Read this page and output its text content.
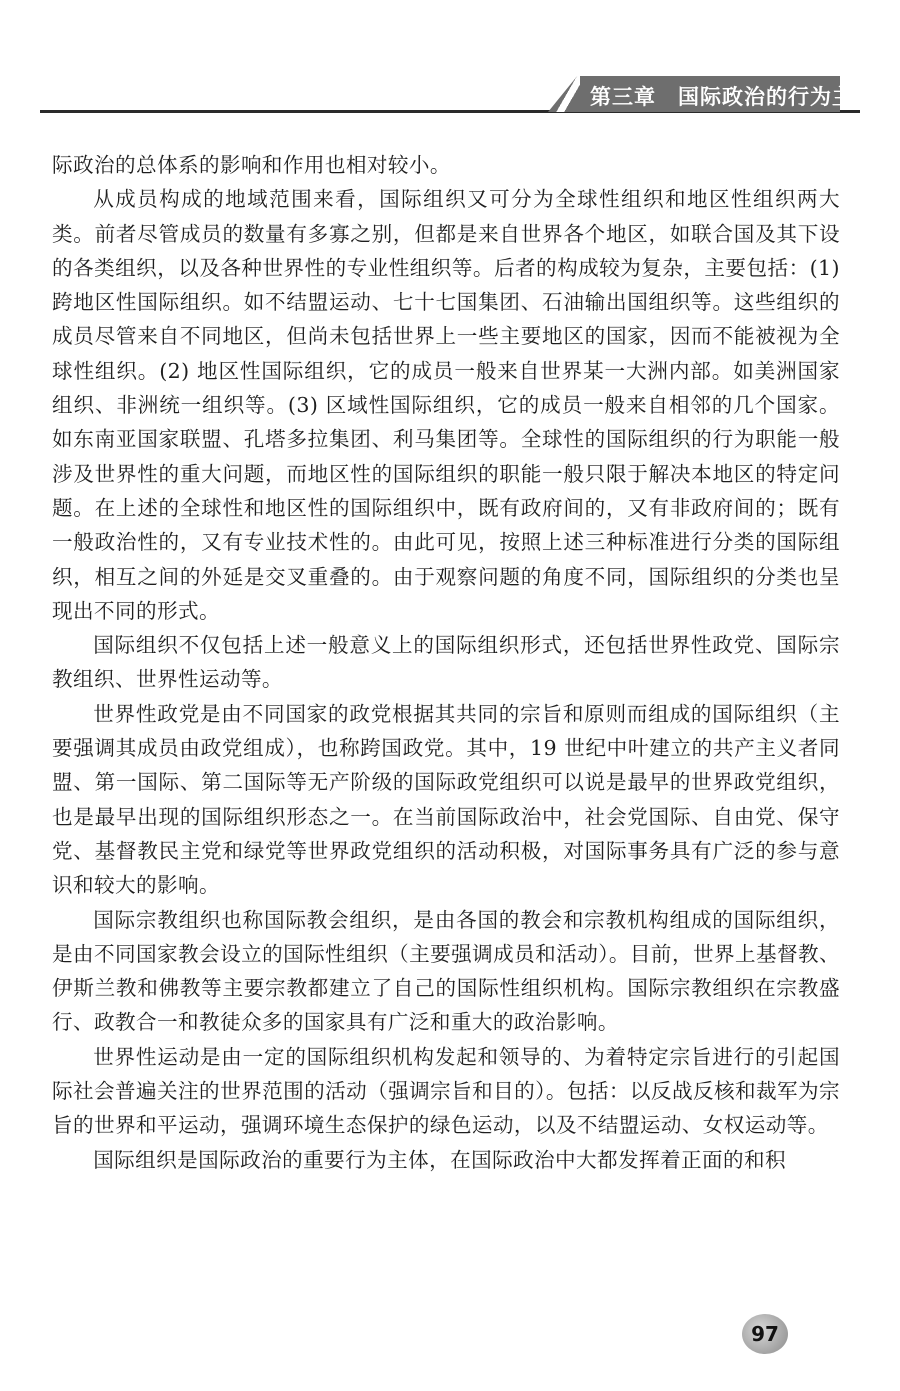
第三章　国际政治的行为主体

际政治的总体系的影响和作用也相对较小。

从成员构成的地域范围来看，国际组织又可分为全球性组织和地区性组织两大类。前者尽管成员的数量有多寡之别，但都是来自世界各个地区，如联合国及其下设的各类组织，以及各种世界性的专业性组织等。后者的构成较为复杂，主要包括：(1) 跨地区性国际组织。如不结盟运动、七十七国集团、石油输出国组织等。这些组织的成员尽管来自不同地区，但尚未包括世界上一些主要地区的国家，因而不能被视为全球性组织。(2) 地区性国际组织，它的成员一般来自世界某一大洲内部。如美洲国家组织、非洲统一组织等。(3) 区域性国际组织，它的成员一般来自相邻的几个国家。如东南亚国家联盟、孔塔多拉集团、利马集团等。全球性的国际组织的行为职能一般涉及世界性的重大问题，而地区性的国际组织的职能一般只限于解决本地区的特定问题。在上述的全球性和地区性的国际组织中，既有政府间的，又有非政府间的；既有一般政治性的，又有专业技术性的。由此可见，按照上述三种标准进行分类的国际组织，相互之间的外延是交叉重叠的。由于观察问题的角度不同，国际组织的分类也呈现出不同的形式。

国际组织不仅包括上述一般意义上的国际组织形式，还包括世界性政党、国际宗教组织、世界性运动等。

世界性政党是由不同国家的政党根据其共同的宗旨和原则而组成的国际组织（主要强调其成员由政党组成），也称跨国政党。其中，19 世纪中叶建立的共产主义者同盟、第一国际、第二国际等无产阶级的国际政党组织可以说是最早的世界政党组织，也是最早出现的国际组织形态之一。在当前国际政治中，社会党国际、自由党、保守党、基督教民主党和绿党等世界政党组织的活动积极，对国际事务具有广泛的参与意识和较大的影响。

国际宗教组织也称国际教会组织，是由各国的教会和宗教机构组成的国际组织，是由不同国家教会设立的国际性组织（主要强调成员和活动）。目前，世界上基督教、伊斯兰教和佛教等主要宗教都建立了自己的国际性组织机构。国际宗教组织在宗教盛行、政教合一和教徒众多的国家具有广泛和重大的政治影响。

世界性运动是由一定的国际组织机构发起和领导的、为着特定宗旨进行的引起国际社会普遍关注的世界范围的活动（强调宗旨和目的）。包括：以反战反核和裁军为宗旨的世界和平运动，强调环境生态保护的绿色运动，以及不结盟运动、女权运动等。

国际组织是国际政治的重要行为主体，在国际政治中大都发挥着正面的和积

97
